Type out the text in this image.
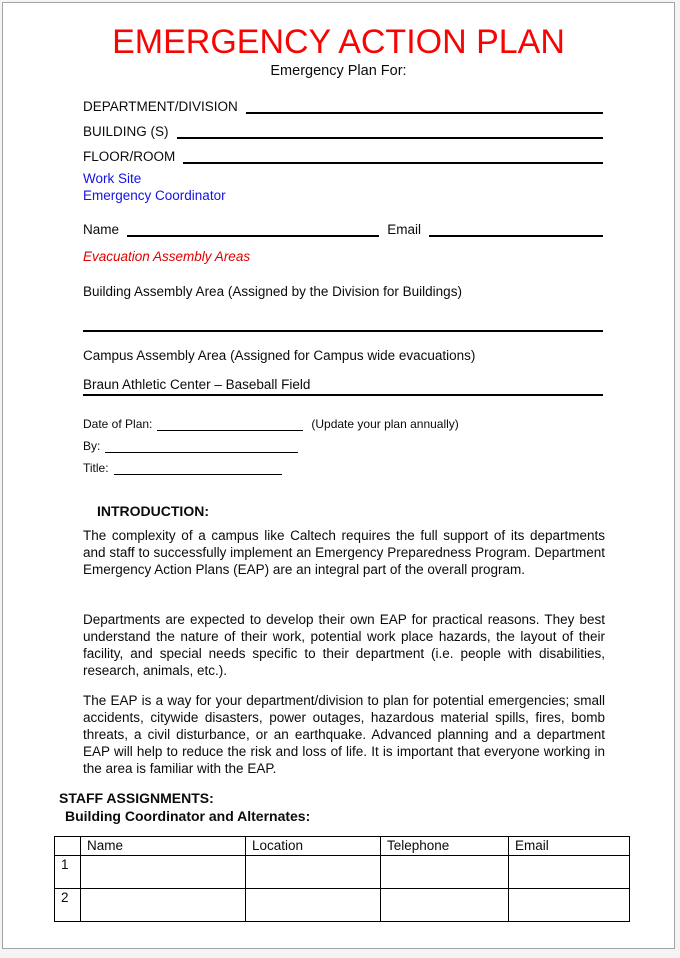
EMERGENCY ACTION PLAN
Emergency Plan For:
DEPARTMENT/DIVISION
BUILDING (S)
FLOOR/ROOM
Work Site
Emergency Coordinator
Name	Email
Evacuation Assembly Areas
Building Assembly Area (Assigned by the Division for Buildings)
Campus Assembly Area (Assigned for Campus wide evacuations)
Braun Athletic Center – Baseball Field
Date of Plan:	(Update your plan annually)
By:
Title:
INTRODUCTION:

The complexity of a campus like Caltech requires the full support of its departments and staff to successfully implement an Emergency Preparedness Program. Department Emergency Action Plans (EAP) are an integral part of the overall program.

Departments are expected to develop their own EAP for practical reasons. They best understand the nature of their work, potential work place hazards, the layout of their facility, and special needs specific to their department (i.e. people with disabilities, research, animals, etc.).

The EAP is a way for your department/division to plan for potential emergencies; small accidents, citywide disasters, power outages, hazardous material spills, fires, bomb threats, a civil disturbance, or an earthquake. Advanced planning and a department EAP will help to reduce the risk and loss of life. It is important that everyone working in the area is familiar with the EAP.

STAFF ASSIGNMENTS:
Building Coordinator and Alternates:
	Name	Location	Telephone	Email
1				
2				
